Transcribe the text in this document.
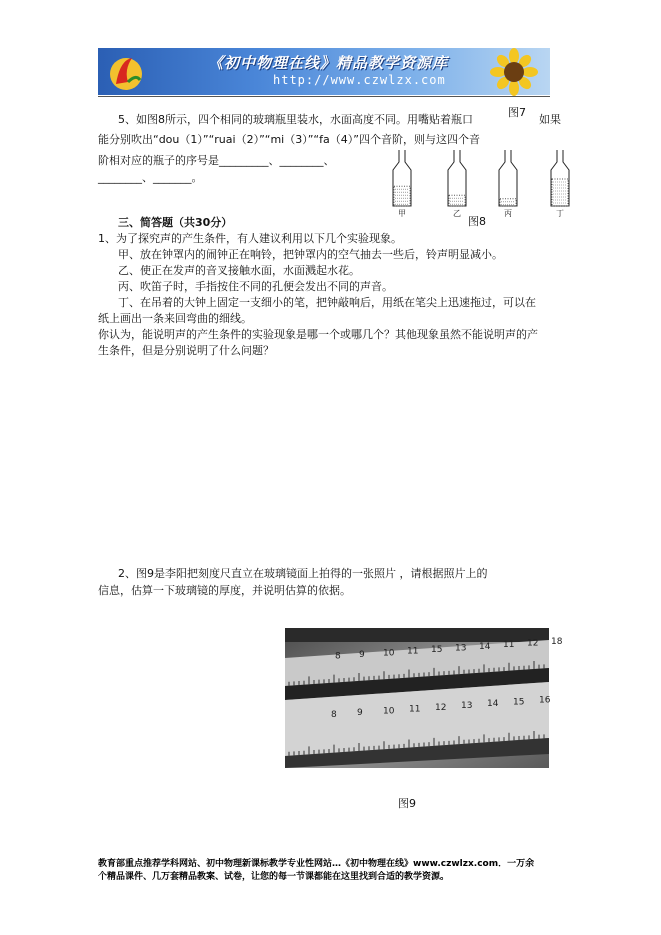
《初中物理在线》精品教学资源库
http://www.czwlzx.com
图7
5、如图8所示，四个相同的玻璃瓶里装水，水面高度不同。用嘴贴着瓶口	如果
能分别吹出“dou（1）”“ruai（2）”“mi（3）”“fa（4）”四个音阶，则与这四个音
阶相对应的瓶子的序号是_________、________、
________、_______。
甲	乙	丙	丁
图8
三、简答题（共30分）
1、为了探究声的产生条件，有人建议利用以下几个实验现象。
甲、放在钟罩内的闹钟正在响铃，把钟罩内的空气抽去一些后，铃声明显减小。
乙、使正在发声的音叉接触水面，水面溅起水花。
丙、吹笛子时，手指按住不同的孔便会发出不同的声音。
丁、在吊着的大钟上固定一支细小的笔，把钟敲响后，用纸在笔尖上迅速拖过，可以在
纸上画出一条来回弯曲的细线。
你认为，能说明声的产生条件的实验现象是哪一个或哪几个？其他现象虽然不能说明声的产
生条件，但是分别说明了什么问题？
2、图9是李阳把刻度尺直立在玻璃镜面上拍得的一张照片 ，请根据照片上的
信息，估算一下玻璃镜的厚度，并说明估算的依据。
8 9 10 11 15 13 14 11 12 18
8 9 10 11 12 13 14 15 16
图9
教育部重点推荐学科网站、初中物理新课标教学专业性网站…《初中物理在线》www.czwlzx.com．一万余
个精品课件、几万套精品教案、试卷，让您的每一节课都能在这里找到合适的教学资源。
